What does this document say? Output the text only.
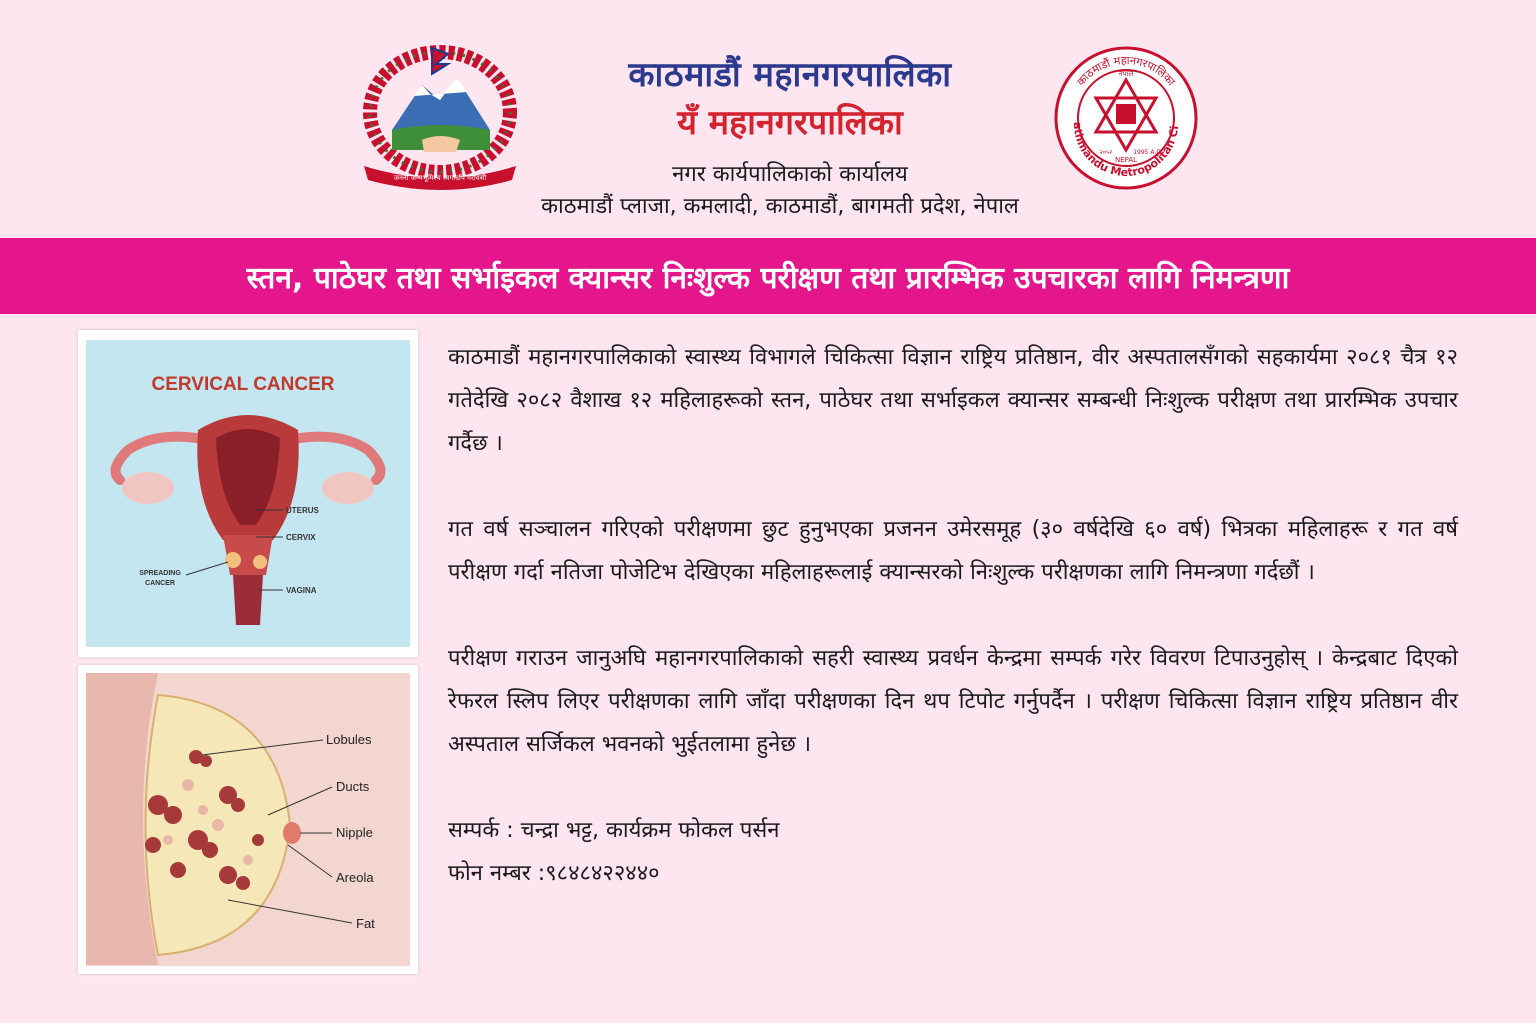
जननी जन्मभूमिश्च स्वर्गादपि गरीयसी
काठमाडौं महानगरपालिका
यँ महानगरपालिका
नगर कार्यपालिकाको कार्यालय
काठमाडौं प्लाजा, कमलादी, काठमाडौं, बागमती प्रदेश, नेपाल
काठमाडौं महानगरपालिका
athmandu Metropolitan Ci
नेपाल
NEPAL
२०५२	1995 A.D.
स्तन, पाठेघर तथा सर्भाइकल क्यान्सर निःशुल्क परीक्षण तथा प्रारम्भिक उपचारका लागि निमन्त्रणा
CERVICAL CANCER
UTERUS
CERVIX
SPREADING
CANCER
VAGINA
Lobules
Ducts
Nipple
Areola
Fat

काठमाडौं महानगरपालिकाको स्वास्थ्य विभागले चिकित्सा विज्ञान राष्ट्रिय प्रतिष्ठान, वीर अस्पतालसँगको सहकार्यमा २०८१ चैत्र १२ गतेदेखि २०८२ वैशाख १२ महिलाहरूको स्तन, पाठेघर तथा सर्भाइकल क्यान्सर सम्बन्धी निःशुल्क परीक्षण तथा प्रारम्भिक उपचार गर्दैछ ।

गत वर्ष सञ्चालन गरिएको परीक्षणमा छुट हुनुभएका प्रजनन उमेरसमूह (३० वर्षदेखि ६० वर्ष) भित्रका महिलाहरू र गत वर्ष परीक्षण गर्दा नतिजा पोजेटिभ देखिएका महिलाहरूलाई क्यान्सरको निःशुल्क परीक्षणका लागि निमन्त्रणा गर्दछौं ।

परीक्षण गराउन जानुअघि महानगरपालिकाको सहरी स्वास्थ्य प्रवर्धन केन्द्रमा सम्पर्क गरेर विवरण टिपाउनुहोस् । केन्द्रबाट दिएको रेफरल स्लिप लिएर परीक्षणका लागि जाँदा परीक्षणका दिन थप टिपोट गर्नुपर्दैन । परीक्षण चिकित्सा विज्ञान राष्ट्रिय प्रतिष्ठान वीर अस्पताल सर्जिकल भवनको भुईतलामा हुनेछ ।

सम्पर्क : चन्द्रा भट्ट, कार्यक्रम फोकल पर्सन

फोन नम्बर :९८४८४२२४४०
